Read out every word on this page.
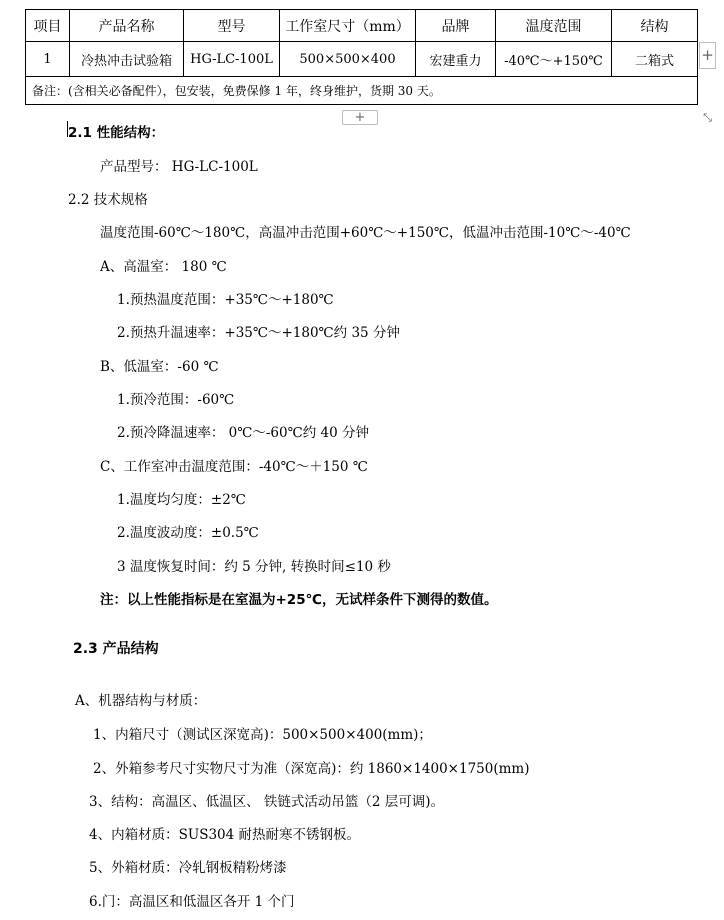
项目	产品名称	型号	工作室尺寸（mm）	品牌	温度范围	结构
1	冷热冲击试验箱	HG-LC-100L	500×500×400	宏建重力	-40℃～+150℃	二箱式
备注：(含相关必备配件），包安装，免费保修 1 年，终身维护，货期 30 天。						
+
+	⤡
2.1 性能结构：
产品型号： HG-LC-100L
2.2 技术规格
温度范围-60℃～180℃，高温冲击范围+60℃～+150℃，低温冲击范围-10℃～-40℃
A、高温室： 180 ℃
1.预热温度范围：+35℃～+180℃
2.预热升温速率：+35℃～+180℃约 35 分钟
B、低温室：-60 ℃
1.预冷范围：-60℃
2.预冷降温速率： 0℃～-60℃约 40 分钟
C、工作室冲击温度范围：-40℃～＋150 ℃
1.温度均匀度：±2℃
2.温度波动度：±0.5℃
3 温度恢复时间：约 5 分钟, 转换时间≤10 秒
注：以上性能指标是在室温为+25℃，无试样条件下测得的数值。
2.3 产品结构
A、机器结构与材质：
1、内箱尺寸（测试区深宽高)：500×500×400(mm)；
2、外箱参考尺寸实物尺寸为准（深宽高)：约 1860×1400×1750(mm)
3、结构：高温区、低温区、 铁链式活动吊篮（2 层可调)。
4、内箱材质：SUS304 耐热耐寒不锈钢板。
5、外箱材质：冷轧钢板精粉烤漆
6.门：高温区和低温区各开 1 个门
